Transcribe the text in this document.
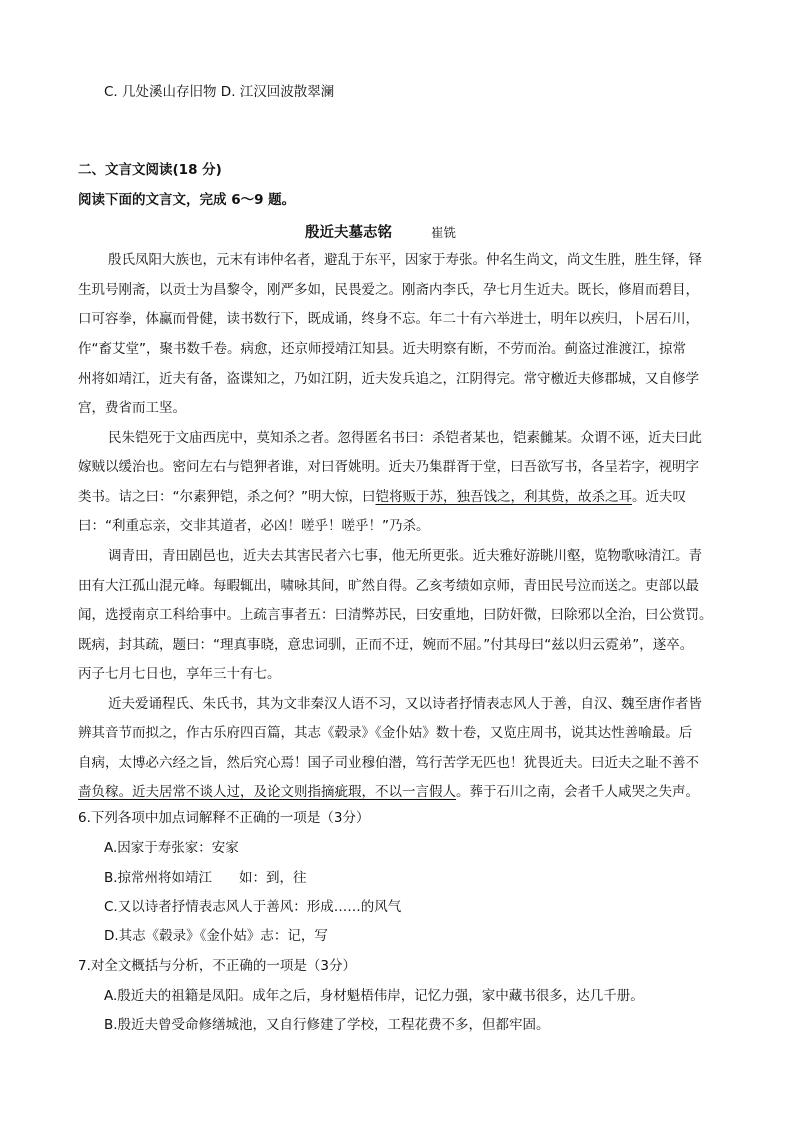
C. 几处溪山存旧物 D. 江汉回波散翠澜
二、文言文阅读(18 分)
阅读下面的文言文，完成 6～9 题。
殷近夫墓志铭	崔铣
殷氏凤阳大族也，元末有讳仲名者，避乱于东平，因家于寿张。仲名生尚文，尚文生胜，胜生铎，铎
生玑号刚斋，以贡士为昌黎令，刚严多如，民畏爱之。刚斋内李氏，孕七月生近夫。既长，修眉而碧目，
口可容拳，体赢而骨健，读书数行下，既成诵，终身不忘。年二十有六举进士，明年以疾归，卜居石川，
作“畜艾堂”，聚书数千卷。病愈，还京师授靖江知县。近夫明察有断，不劳而治。蓟盗过淮渡江，掠常
州将如靖江，近夫有备，盗谍知之，乃如江阴，近夫发兵追之，江阴得完。常守檄近夫修郡城，又自修学
宫，费省而工坚。
民朱铠死于文庙西庑中，莫知杀之者。忽得匿名书曰：杀铠者某也，铠素雠某。众谓不诬，近夫曰此
嫁贼以缓治也。密问左右与铠狎者谁，对曰胥姚明。近夫乃集群胥于堂，曰吾欲写书，各呈若字，视明字
类书。诘之曰：“尔素狎铠，杀之何？”明大惊，曰铠将贩于苏，独吾饯之，利其赀，故杀之耳。近夫叹
曰：“利重忘亲，交非其道者，必凶！嗟乎！嗟乎！”乃杀。
调青田，青田剧邑也，近夫去其害民者六七事，他无所更张。近夫雅好游眺川壑，览物歌咏清江。青
田有大江孤山混元峰。每暇辄出，啸咏其间，旷然自得。乙亥考绩如京师，青田民号泣而送之。吏部以最
闻，选授南京工科给事中。上疏言事者五：曰清弊苏民，曰安重地，曰防奸微，曰除邪以全治，曰公赏罚。
既病，封其疏，题曰：“理真事晓，意忠词驯，正而不迂，婉而不屈。”付其母曰“兹以归云霓弟”，遂卒。
丙子七月七日也，享年三十有七。
近夫爱诵程氏、朱氏书，其为文非秦汉人语不习，又以诗者抒情表志风人于善，自汉、魏至唐作者皆
辨其音节而拟之，作古乐府四百篇，其志《毂录》《金仆姑》数十卷，又览庄周书，说其达性善喻最。后
自病，太博必六经之旨，然后究心焉！国子司业穆伯潜，笃行苦学无匹也！犹畏近夫。曰近夫之耻不善不
啬负稼。近夫居常不谈人过，及论文则指摘疵瑕，不以一言假人。葬于石川之南，会者千人咸哭之失声。
6.下列各项中加点词解释不正确的一项是（3分）
A.因家于寿张家：安家
B.掠常州将如靖江　　如：到，往
C.又以诗者抒情表志风人于善风：形成……的风气
D.其志《毂录》《金仆姑》志：记，写
7.对全文概括与分析，不正确的一项是（3分）
A.殷近夫的祖籍是凤阳。成年之后，身材魁梧伟岸，记忆力强，家中藏书很多，达几千册。
B.殷近夫曾受命修缮城池，又自行修建了学校，工程花费不多，但都牢固。
